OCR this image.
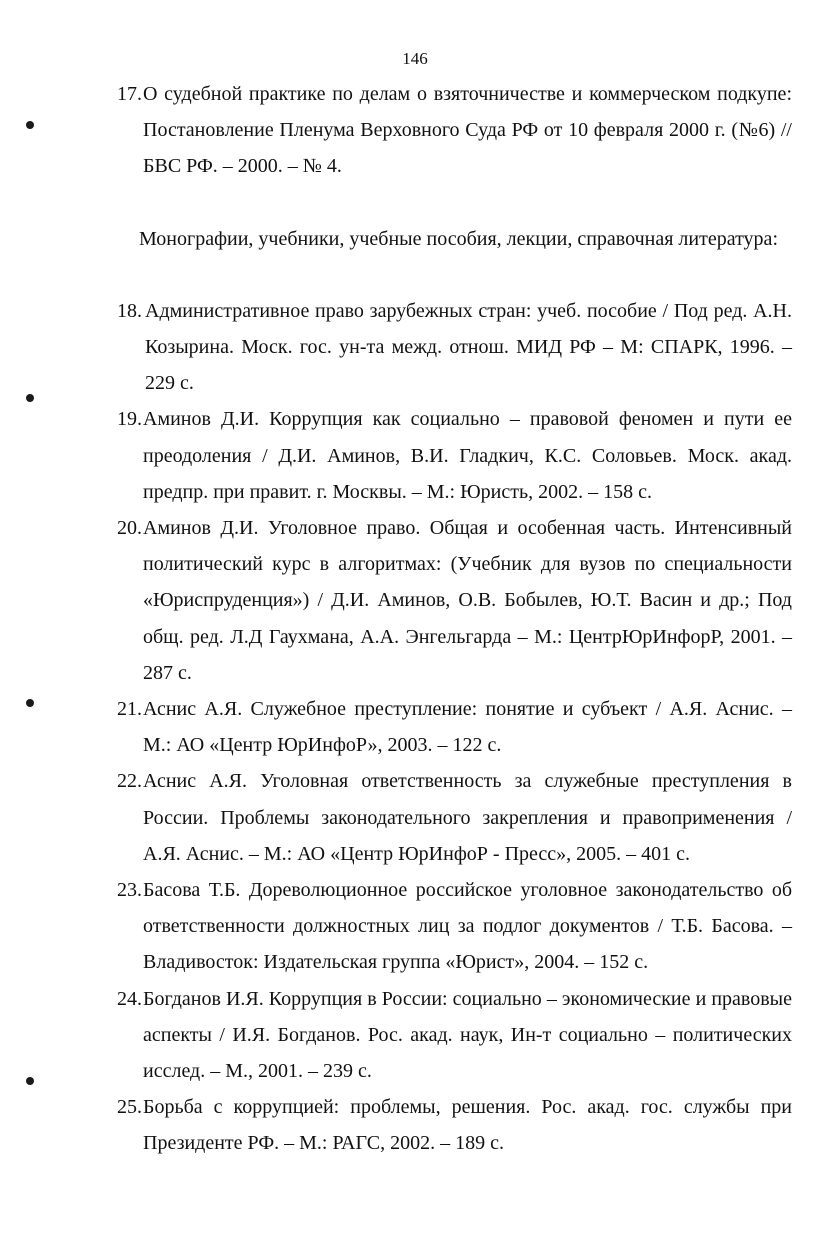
146
17. О судебной практике по делам о взяточничестве и коммерческом подкупе: Постановление Пленума Верховного Суда РФ от 10 февраля 2000 г. (№6) // БВС РФ. – 2000. – № 4.
Монографии, учебники, учебные пособия, лекции, справочная литература:
18. Административное право зарубежных стран: учеб. пособие / Под ред. А.Н. Козырина. Моск. гос. ун-та межд. отнош. МИД РФ – М: СПАРК, 1996. – 229 с.
19. Аминов Д.И. Коррупция как социально – правовой феномен и пути ее преодоления / Д.И. Аминов, В.И. Гладкич, К.С. Соловьев. Моск. акад. предпр. при правит. г. Москвы. – М.: Юристь, 2002. – 158 с.
20. Аминов Д.И. Уголовное право. Общая и особенная часть. Интенсивный политический курс в алгоритмах: (Учебник для вузов по специальности «Юриспруденция») / Д.И. Аминов, О.В. Бобылев, Ю.Т. Васин и др.; Под общ. ред. Л.Д Гаухмана, А.А. Энгельгарда – М.: ЦентрЮрИнфорР, 2001. – 287 с.
21. Аснис А.Я. Служебное преступление: понятие и субъект / А.Я. Аснис. – М.: АО «Центр ЮрИнфоР», 2003. – 122 с.
22. Аснис А.Я. Уголовная ответственность за служебные преступления в России. Проблемы законодательного закрепления и правоприменения / А.Я. Аснис. – М.: АО «Центр ЮрИнфоР - Пресс», 2005. – 401 с.
23. Басова Т.Б. Дореволюционное российское уголовное законодательство об ответственности должностных лиц за подлог документов / Т.Б. Басова. – Владивосток: Издательская группа «Юрист», 2004. – 152 с.
24. Богданов И.Я. Коррупция в России: социально – экономические и правовые аспекты / И.Я. Богданов. Рос. акад. наук, Ин-т социально – политических исслед. – М., 2001. – 239 с.
25. Борьба с коррупцией: проблемы, решения. Рос. акад. гос. службы при Президенте РФ. – М.: РАГС, 2002. – 189 с.
